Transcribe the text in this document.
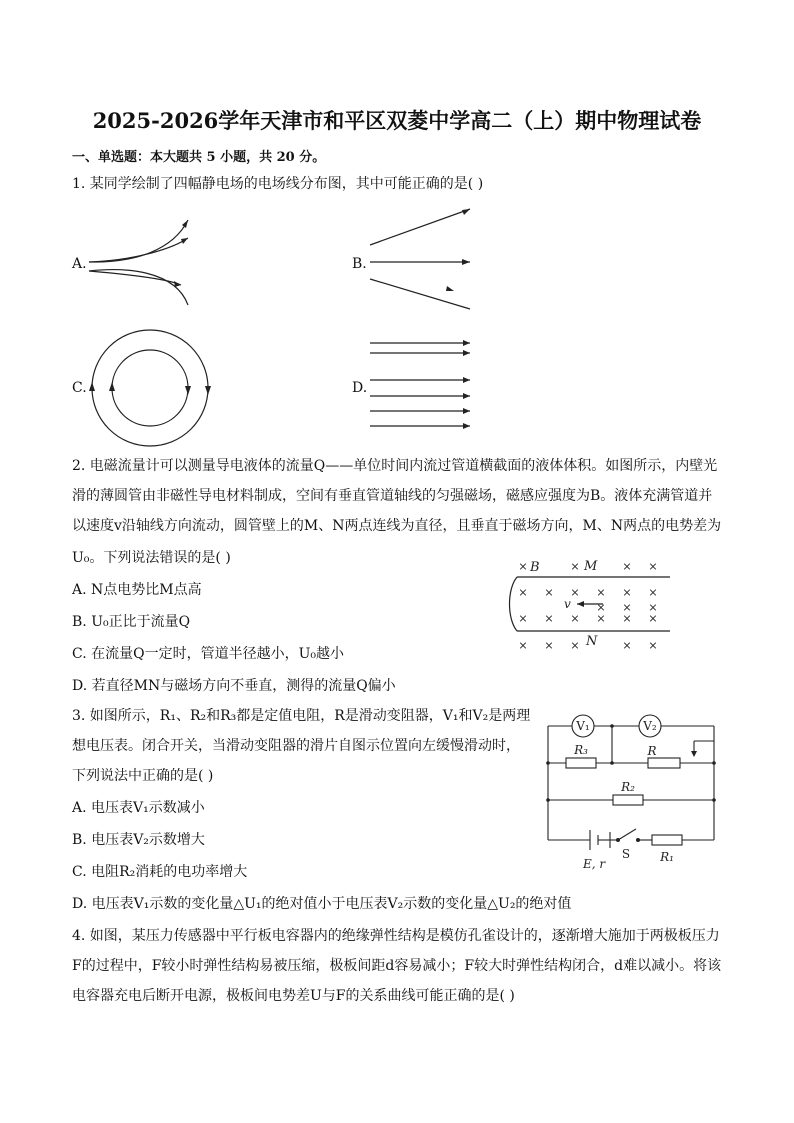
2025-2026学年天津市和平区双菱中学高二（上）期中物理试卷
一、单选题：本大题共 5 小题，共 20 分。
1. 某同学绘制了四幅静电场的电场线分布图，其中可能正确的是( )
A.	B.
C.	D.
2. 电磁流量计可以测量导电液体的流量Q——单位时间内流过管道横截面的液体体积。如图所示，内壁光
滑的薄圆管由非磁性导电材料制成，空间有垂直管道轴线的匀强磁场，磁感应强度为B。液体充满管道并
以速度v沿轴线方向流动，圆管壁上的M、N两点连线为直径，且垂直于磁场方向，M、N两点的电势差为
U₀。下列说法错误的是( )
A. N点电势比M点高
B. U₀正比于流量Q
C. 在流量Q一定时，管道半径越小，U₀越小
D. 若直径MN与磁场方向不垂直，测得的流量Q偏小
×	×	× ×
× × × × × ×
× × ×
× × × × × ×
× × ×	× ×
B	M
N
v
3. 如图所示，R₁、R₂和R₃都是定值电阻，R是滑动变阻器，V₁和V₂是两理
想电压表。闭合开关，当滑动变阻器的滑片自图示位置向左缓慢滑动时，
下列说法中正确的是( )
A. 电压表V₁示数减小
B. 电压表V₂示数增大
C. 电阻R₂消耗的电功率增大
D. 电压表V₁示数的变化量△U₁的绝对值小于电压表V₂示数的变化量△U₂的绝对值
V₁	V₂
R₃	R
R₂
R₁
S
E, r
4. 如图，某压力传感器中平行板电容器内的绝缘弹性结构是模仿孔雀设计的，逐渐增大施加于两极板压力
F的过程中，F较小时弹性结构易被压缩，极板间距d容易减小；F较大时弹性结构闭合，d难以减小。将该
电容器充电后断开电源，极板间电势差U与F的关系曲线可能正确的是( )
